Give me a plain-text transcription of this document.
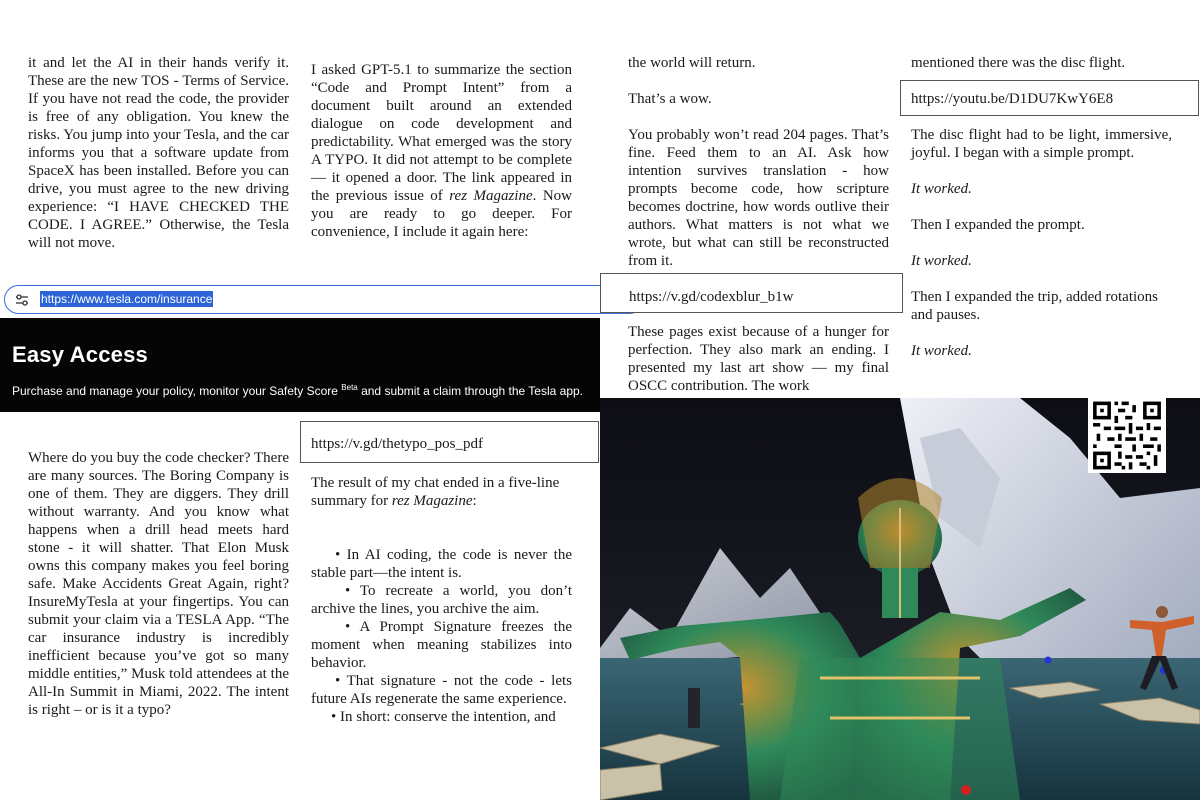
it and let the AI in their hands verify it. These are the new TOS - Terms of Service. If you have not read the code, the provider is free of any obligation. You knew the risks. You jump into your Tesla, and the car informs you that a software update from SpaceX has been installed. Before you can drive, you must agree to the new driving experience: “I HAVE CHECKED THE CODE. I AGREE.” Otherwise, the Tesla will not move.

I asked GPT-5.1 to summarize the section “Code and Prompt Intent” from a document built around an extended dialogue on code development and predictability. What emerged was the story A TYPO. It did not attempt to be complete — it opened a door. The link appeared in the previous issue of rez Magazine. Now you are ready to go deeper. For convenience, I include it again here:

https://www.tesla.com/insurance
Easy Access
Purchase and manage your policy, monitor your Safety Score $^{Beta}$ and submit a claim through the Tesla app.

Where do you buy the code checker? There are many sources. The Boring Company is one of them. They are diggers. They drill without warranty. And you know what happens when a drill head meets hard stone - it will shatter. That Elon Musk owns this company makes you feel boring safe. Make Accidents Great Again, right? InsureMyTesla at your fingertips. You can submit your claim via a TESLA App. “The car insurance industry is incredibly inefficient because you’ve got so many middle entities,” Musk told attendees at the All-In Summit in Miami, 2022. The intent is right – or is it a typo?

https://v.gd/thetypo_pos_pdf

The result of my chat ended in a five-line summary for rez Magazine:

• In AI coding, the code is never the stable part—the intent is.

• To recreate a world, you don’t archive the lines, you archive the aim.

• A Prompt Signature freezes the moment when meaning stabilizes into behavior.

• That signature - not the code - lets future AIs regenerate the same experience.

• In short: conserve the intention, and

the world will return.

That’s a wow.

You probably won’t read 204 pages. That’s fine. Feed them to an AI. Ask how intention survives translation - how prompts become code, how scripture becomes doctrine, how words outlive their authors. What matters is not what we wrote, but what can still be reconstructed from it.

https://v.gd/codexblur_b1w

These pages exist because of a hunger for perfection. They also mark an ending. I presented my last art show — my final OSCC contribution. The work

mentioned there was the disc flight.

https://youtu.be/D1DU7KwY6E8

The disc flight had to be light, immersive, joyful. I began with a simple prompt.

It worked.

Then I expanded the prompt.

It worked.

Then I expanded the trip, added rotations and pauses.

It worked.
